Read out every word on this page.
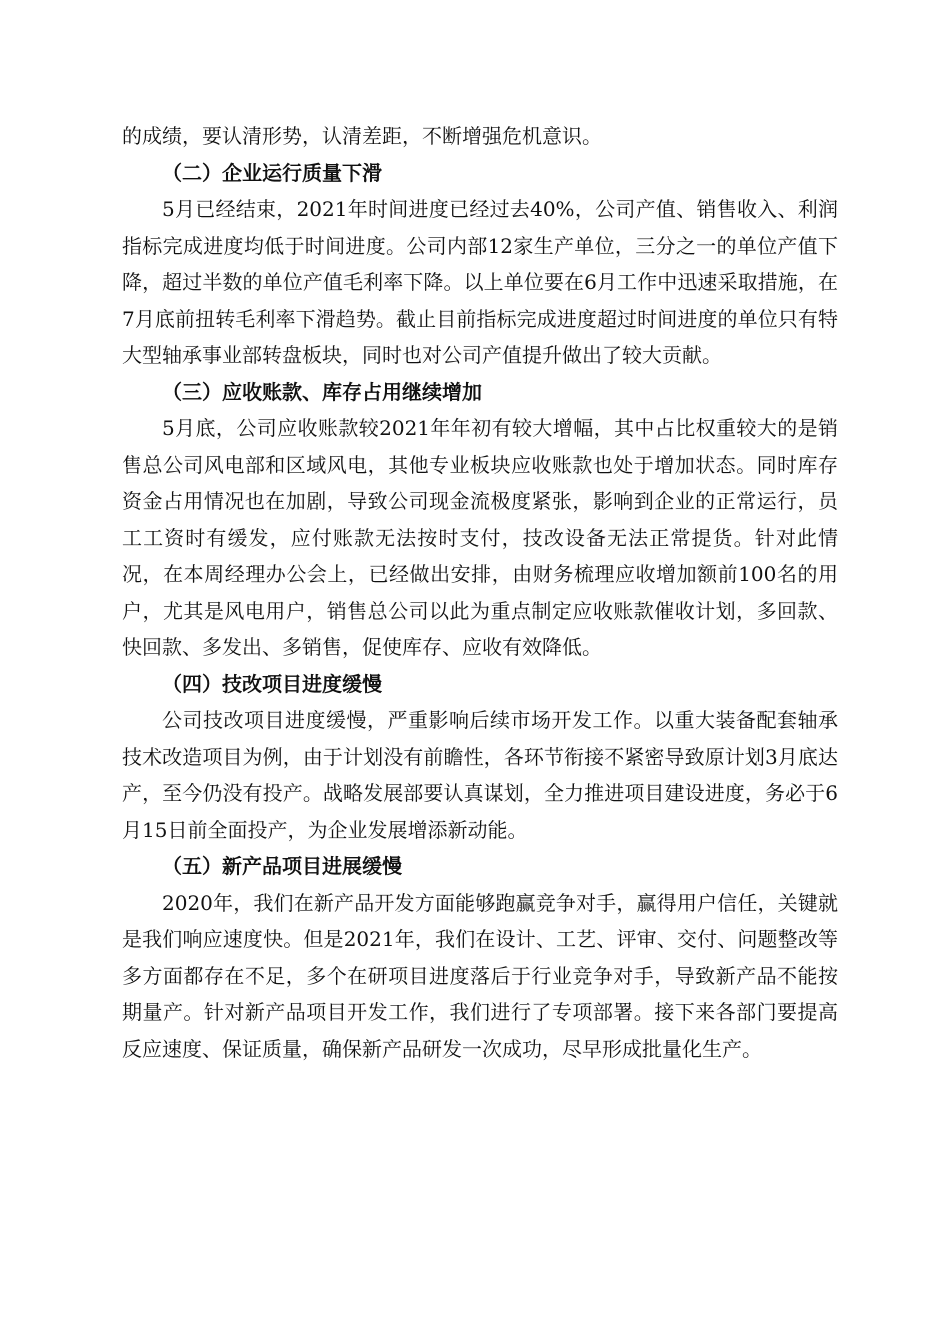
的成绩，要认清形势，认清差距，不断增强危机意识。

（二）企业运行质量下滑

5月已经结束，2021年时间进度已经过去40%，公司产值、销售收入、利润指标完成进度均低于时间进度。公司内部12家生产单位，三分之一的单位产值下降，超过半数的单位产值毛利率下降。以上单位要在6月工作中迅速采取措施，在7月底前扭转毛利率下滑趋势。截止目前指标完成进度超过时间进度的单位只有特大型轴承事业部转盘板块，同时也对公司产值提升做出了较大贡献。

（三）应收账款、库存占用继续增加

5月底，公司应收账款较2021年年初有较大增幅，其中占比权重较大的是销售总公司风电部和区域风电，其他专业板块应收账款也处于增加状态。同时库存资金占用情况也在加剧，导致公司现金流极度紧张，影响到企业的正常运行，员工工资时有缓发，应付账款无法按时支付，技改设备无法正常提货。针对此情况，在本周经理办公会上，已经做出安排，由财务梳理应收增加额前100名的用户，尤其是风电用户，销售总公司以此为重点制定应收账款催收计划，多回款、快回款、多发出、多销售，促使库存、应收有效降低。

（四）技改项目进度缓慢

公司技改项目进度缓慢，严重影响后续市场开发工作。以重大装备配套轴承技术改造项目为例，由于计划没有前瞻性，各环节衔接不紧密导致原计划3月底达产，至今仍没有投产。战略发展部要认真谋划，全力推进项目建设进度，务必于6月15日前全面投产，为企业发展增添新动能。

（五）新产品项目进展缓慢

2020年，我们在新产品开发方面能够跑赢竞争对手，赢得用户信任，关键就是我们响应速度快。但是2021年，我们在设计、工艺、评审、交付、问题整改等多方面都存在不足，多个在研项目进度落后于行业竞争对手，导致新产品不能按期量产。针对新产品项目开发工作，我们进行了专项部署。接下来各部门要提高反应速度、保证质量，确保新产品研发一次成功，尽早形成批量化生产。
